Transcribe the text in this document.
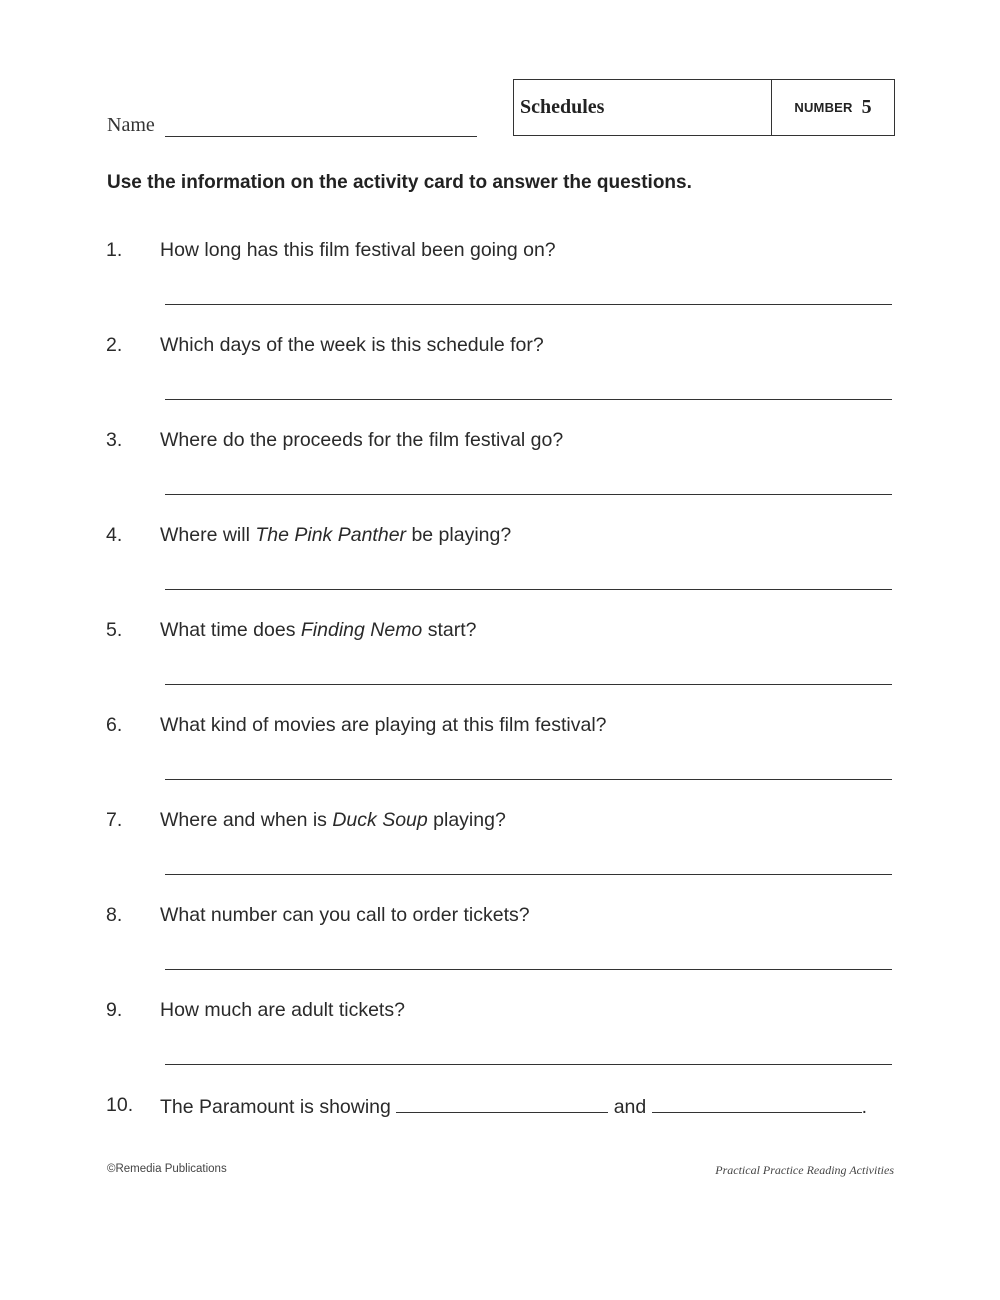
Name
Schedules	NUMBER 5
Use the information on the activity card to answer the questions.
1. How long has this film festival been going on?
2. Which days of the week is this schedule for?
3. Where do the proceeds for the film festival go?
4. Where will The Pink Panther be playing?
5. What time does Finding Nemo start?
6. What kind of movies are playing at this film festival?
7. Where and when is Duck Soup playing?
8. What number can you call to order tickets?
9. How much are adult tickets?
10. The Paramount is showing	and	.
©Remedia Publications	Practical Practice Reading Activities
